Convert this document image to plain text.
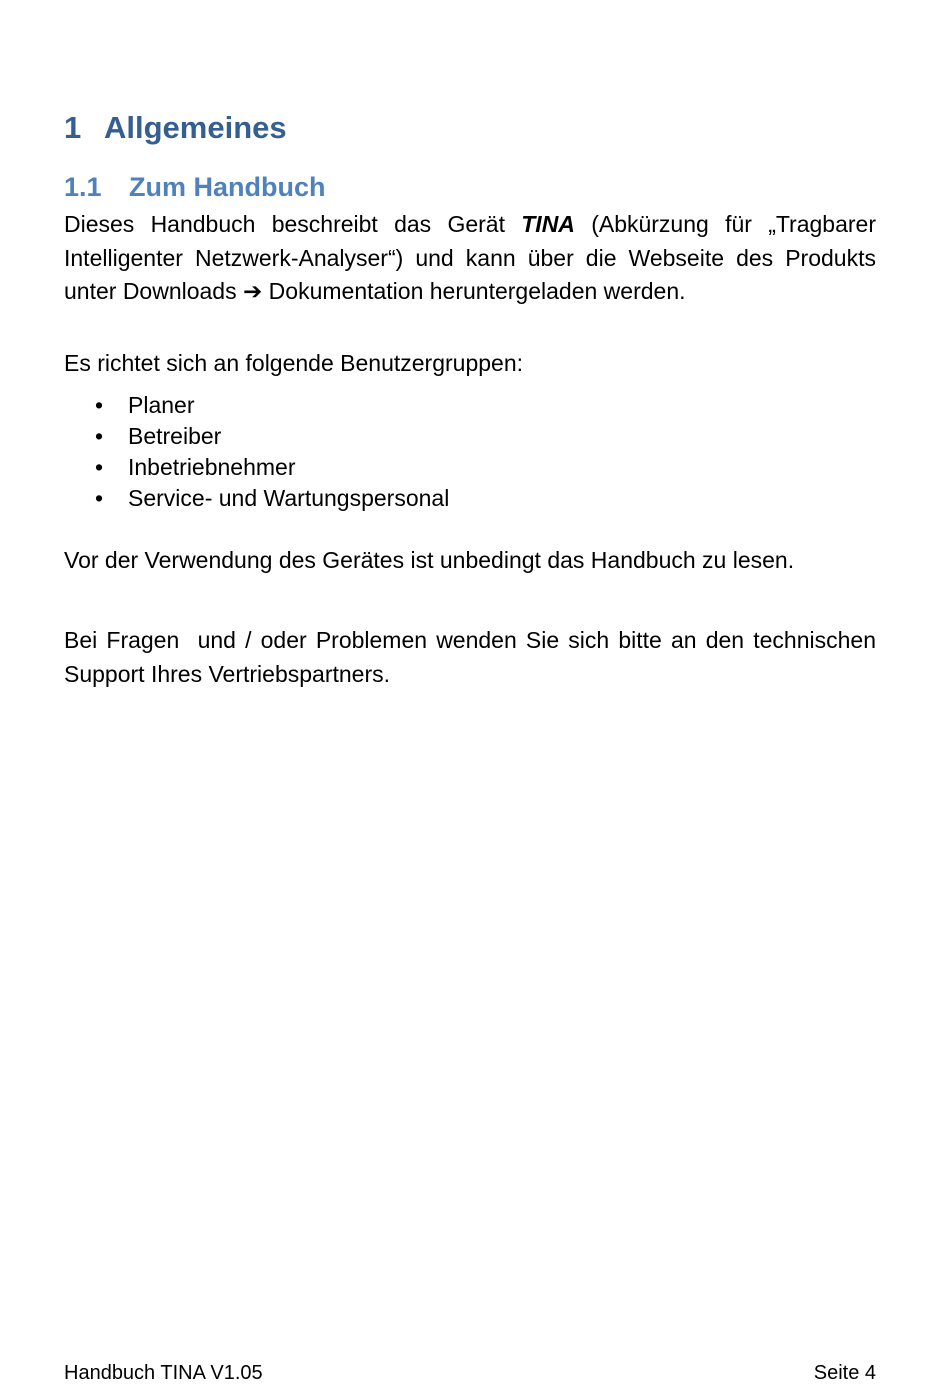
1 Allgemeines
1.1 Zum Handbuch
Dieses Handbuch beschreibt das Gerät TINA (Abkürzung für „Tragbarer Intelligenter Netzwerk-Analyser“) und kann über die Webseite des Produkts unter Downloads ➔ Dokumentation heruntergeladen werden.
Es richtet sich an folgende Benutzergruppen:
• Planer
• Betreiber
• Inbetriebnehmer
• Service- und Wartungspersonal
Vor der Verwendung des Gerätes ist unbedingt das Handbuch zu lesen.
Bei Fragen  und / oder Problemen wenden Sie sich bitte an den technischen Support Ihres Vertriebspartners.
Handbuch TINA V1.05	Seite 4
